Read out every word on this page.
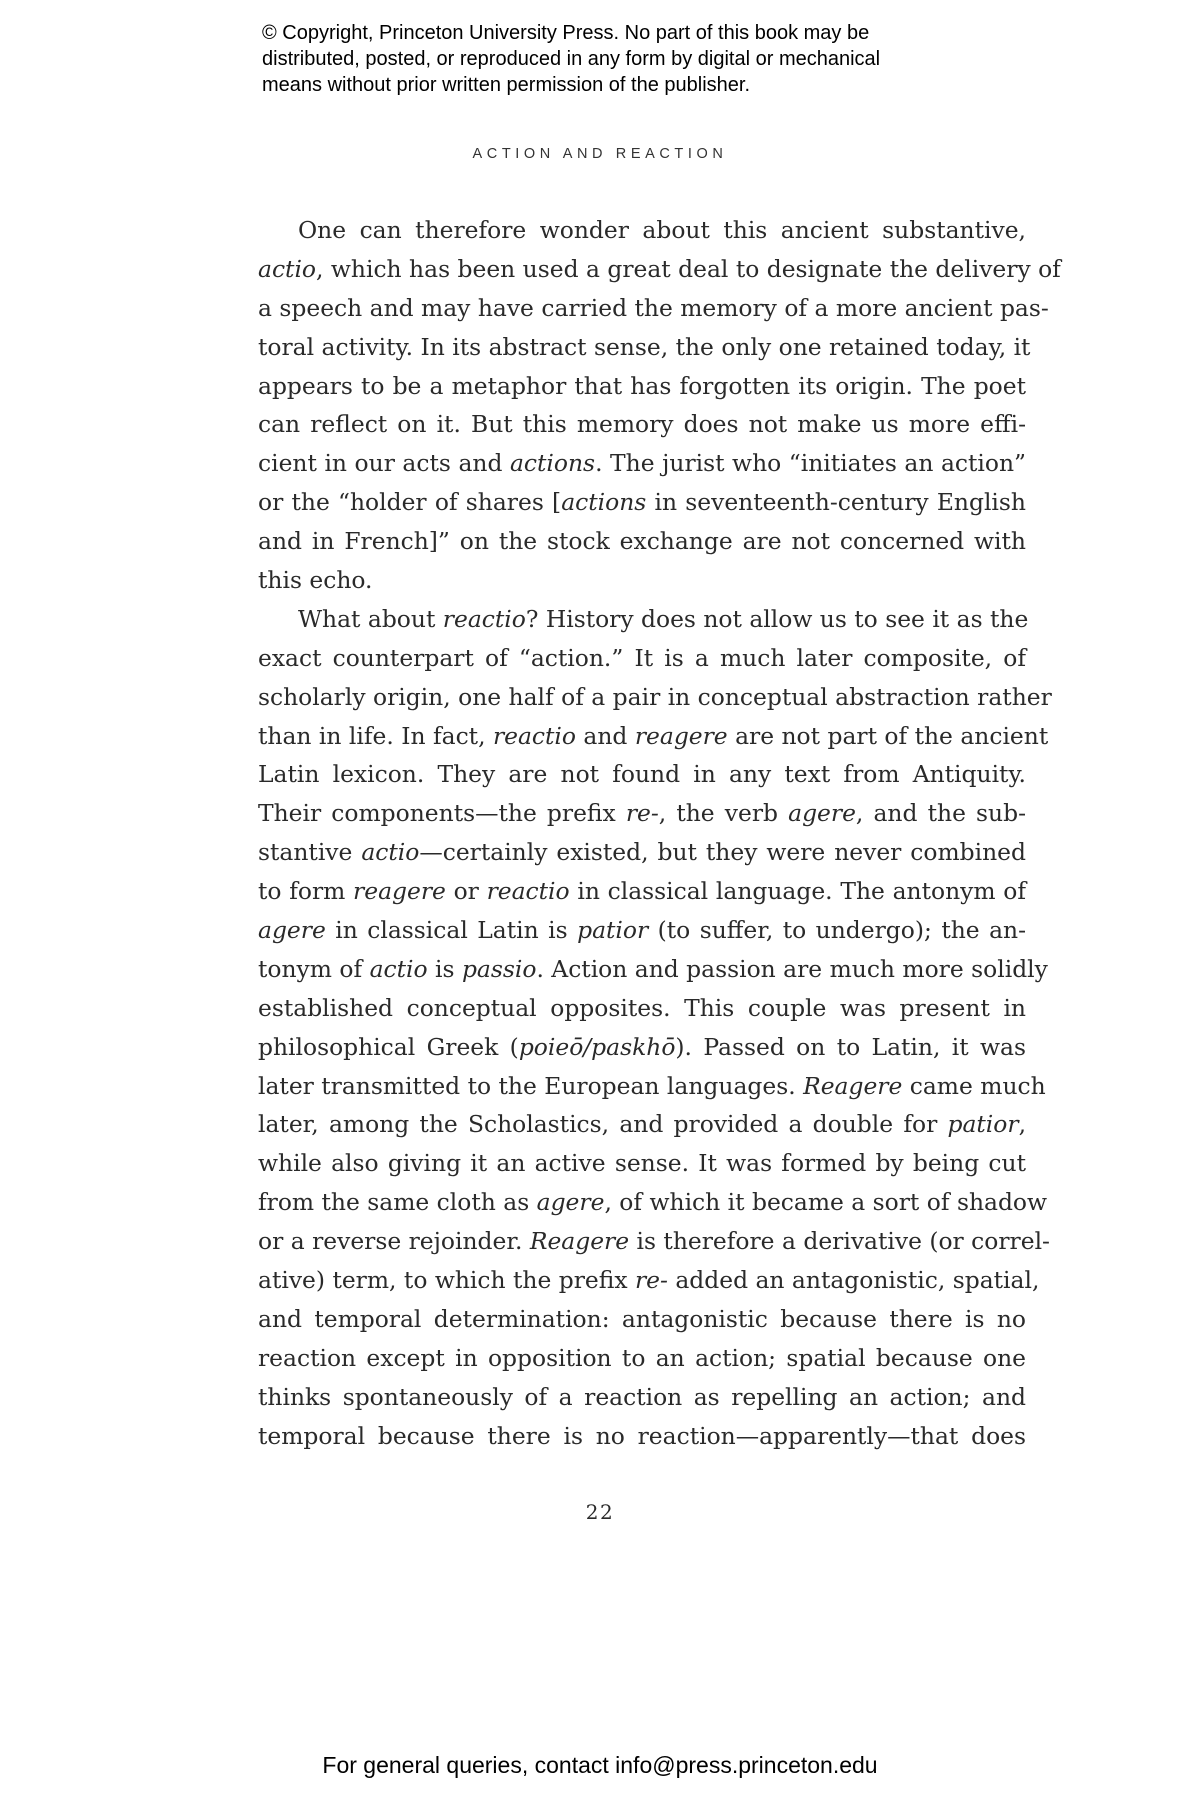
© Copyright, Princeton University Press. No part of this book may be
distributed, posted, or reproduced in any form by digital or mechanical
means without prior written permission of the publisher.
ACTION AND REACTION
One can therefore wonder about this ancient substantive,
actio, which has been used a great deal to designate the delivery of
a speech and may have carried the memory of a more ancient pas-
toral activity. In its abstract sense, the only one retained today, it
appears to be a metaphor that has forgotten its origin. The poet
can reflect on it. But this memory does not make us more effi-
cient in our acts and actions. The jurist who “initiates an action”
or the “holder of shares [actions in seventeenth-century English
and in French]” on the stock exchange are not concerned with
this echo.
What about reactio? History does not allow us to see it as the
exact counterpart of “action.” It is a much later composite, of
scholarly origin, one half of a pair in conceptual abstraction rather
than in life. In fact, reactio and reagere are not part of the ancient
Latin lexicon. They are not found in any text from Antiquity.
Their components—the prefix re-, the verb agere, and the sub-
stantive actio—certainly existed, but they were never combined
to form reagere or reactio in classical language. The antonym of
agere in classical Latin is patior (to suffer, to undergo); the an-
tonym of actio is passio. Action and passion are much more solidly
established conceptual opposites. This couple was present in
philosophical Greek (poieō/paskhō). Passed on to Latin, it was
later transmitted to the European languages. Reagere came much
later, among the Scholastics, and provided a double for patior,
while also giving it an active sense. It was formed by being cut
from the same cloth as agere, of which it became a sort of shadow
or a reverse rejoinder. Reagere is therefore a derivative (or correl-
ative) term, to which the prefix re- added an antagonistic, spatial,
and temporal determination: antagonistic because there is no
reaction except in opposition to an action; spatial because one
thinks spontaneously of a reaction as repelling an action; and
temporal because there is no reaction—apparently—that does
22
For general queries, contact info@press.princeton.edu
